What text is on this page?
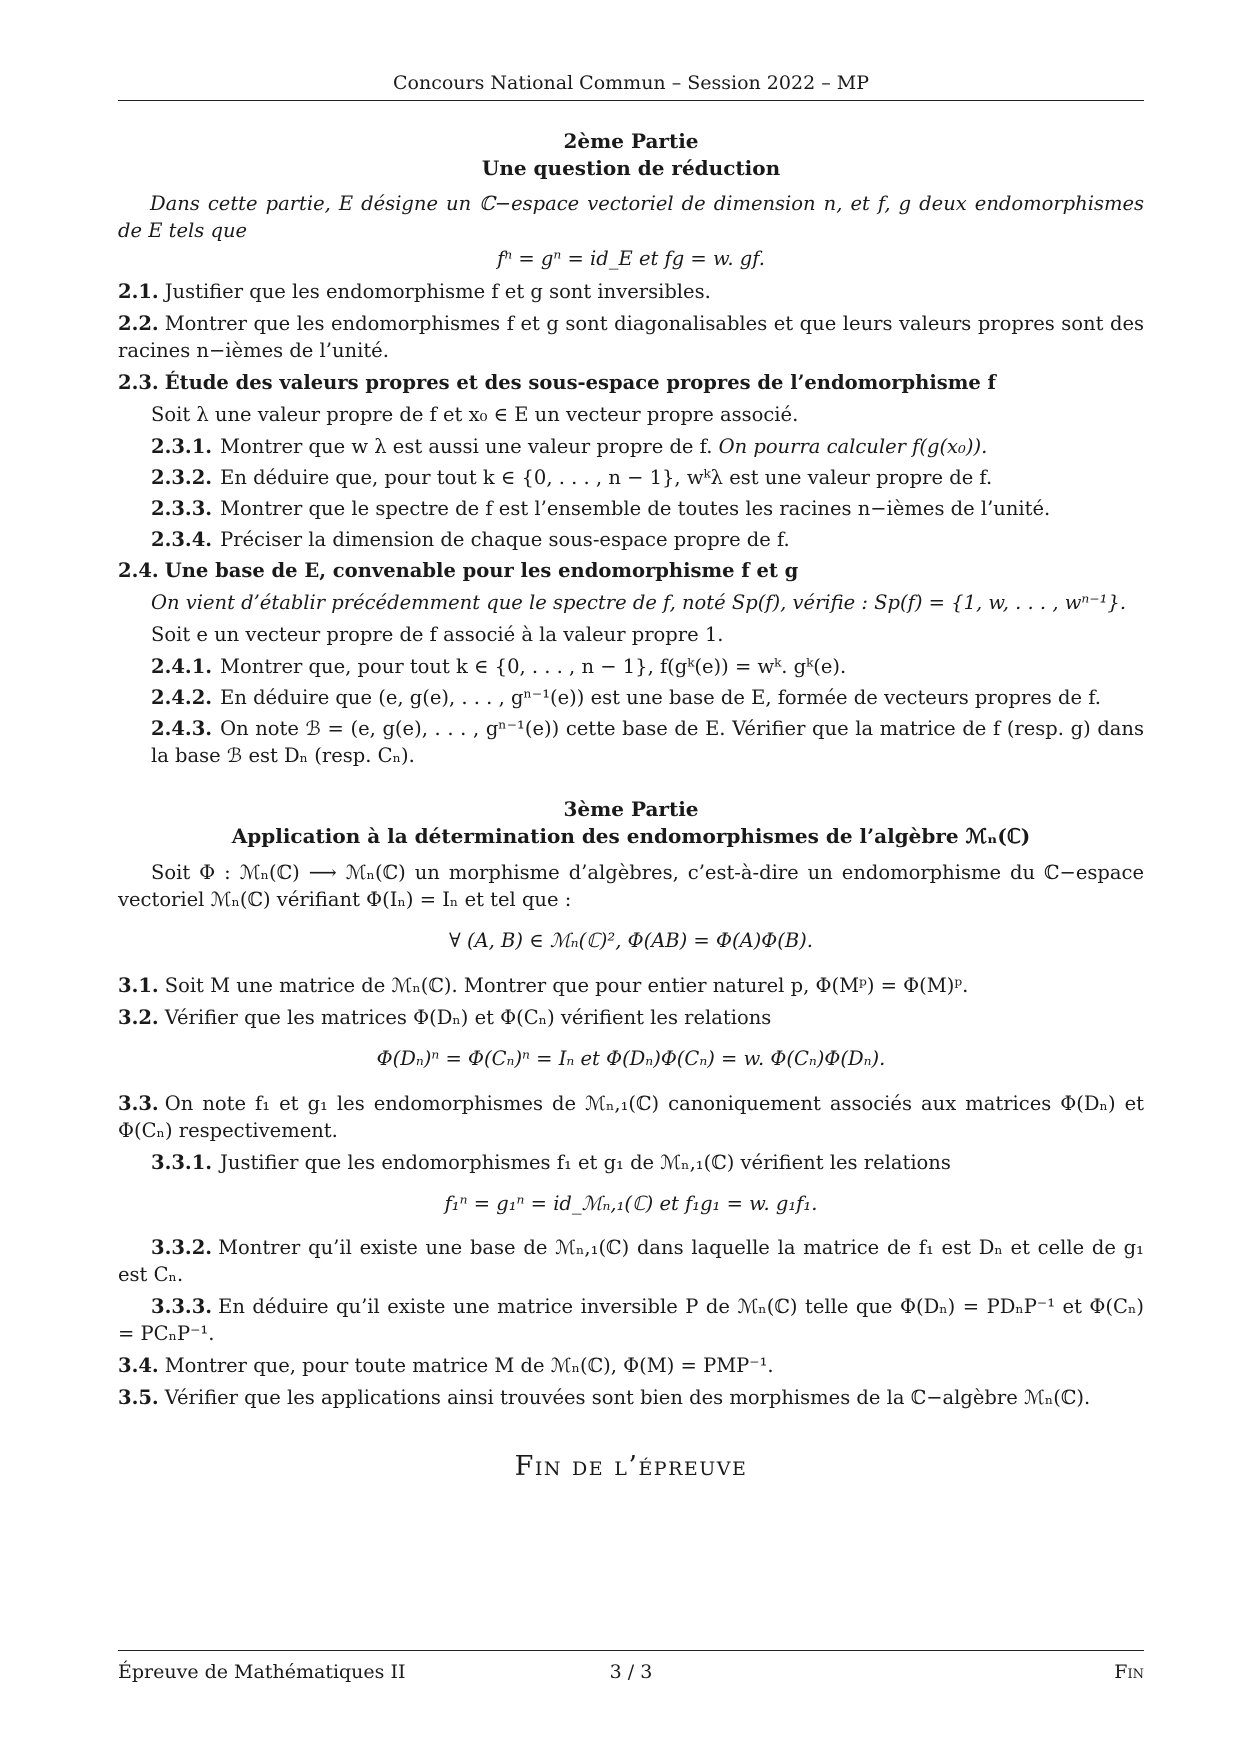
Concours National Commun – Session 2022 – MP
2ème Partie
Une question de réduction

Dans cette partie, E désigne un ℂ−espace vectoriel de dimension n, et f, g deux endomorphismes de E tels que

fⁿ = gⁿ = id_E et fg = w. gf.
2.1. Justifier que les endomorphisme f et g sont inversibles.
2.2. Montrer que les endomorphismes f et g sont diagonalisables et que leurs valeurs propres sont des racines n−ièmes de l’unité.
2.3. Étude des valeurs propres et des sous-espace propres de l’endomorphisme f
Soit λ une valeur propre de f et x₀ ∈ E un vecteur propre associé.
2.3.1. Montrer que w λ est aussi une valeur propre de f. On pourra calculer f(g(x₀)).
2.3.2. En déduire que, pour tout k ∈ {0, . . . , n − 1}, wᵏλ est une valeur propre de f.
2.3.3. Montrer que le spectre de f est l’ensemble de toutes les racines n−ièmes de l’unité.
2.3.4. Préciser la dimension de chaque sous-espace propre de f.
2.4. Une base de E, convenable pour les endomorphisme f et g
On vient d’établir précédemment que le spectre de f, noté Sp(f), vérifie : Sp(f) = {1, w, . . . , wⁿ⁻¹}.
Soit e un vecteur propre de f associé à la valeur propre 1.
2.4.1. Montrer que, pour tout k ∈ {0, . . . , n − 1}, f(gᵏ(e)) = wᵏ. gᵏ(e).
2.4.2. En déduire que (e, g(e), . . . , gⁿ⁻¹(e)) est une base de E, formée de vecteurs propres de f.
2.4.3. On note ℬ = (e, g(e), . . . , gⁿ⁻¹(e)) cette base de E. Vérifier que la matrice de f (resp. g) dans la base ℬ est Dₙ (resp. Cₙ).
3ème Partie
Application à la détermination des endomorphismes de l’algèbre ℳₙ(ℂ)

Soit Φ : ℳₙ(ℂ) ⟶ ℳₙ(ℂ) un morphisme d’algèbres, c’est-à-dire un endomorphisme du ℂ−espace vectoriel ℳₙ(ℂ) vérifiant Φ(Iₙ) = Iₙ et tel que :

∀ (A, B) ∈ ℳₙ(ℂ)², Φ(AB) = Φ(A)Φ(B).
3.1. Soit M une matrice de ℳₙ(ℂ). Montrer que pour entier naturel p, Φ(Mᵖ) = Φ(M)ᵖ.
3.2. Vérifier que les matrices Φ(Dₙ) et Φ(Cₙ) vérifient les relations
Φ(Dₙ)ⁿ = Φ(Cₙ)ⁿ = Iₙ et Φ(Dₙ)Φ(Cₙ) = w. Φ(Cₙ)Φ(Dₙ).
3.3. On note f₁ et g₁ les endomorphismes de ℳₙ,₁(ℂ) canoniquement associés aux matrices Φ(Dₙ) et Φ(Cₙ) respectivement.
3.3.1. Justifier que les endomorphismes f₁ et g₁ de ℳₙ,₁(ℂ) vérifient les relations
f₁ⁿ = g₁ⁿ = id_ℳₙ,₁(ℂ) et f₁g₁ = w. g₁f₁.
3.3.2. Montrer qu’il existe une base de ℳₙ,₁(ℂ) dans laquelle la matrice de f₁ est Dₙ et celle de g₁ est Cₙ.
3.3.3. En déduire qu’il existe une matrice inversible P de ℳₙ(ℂ) telle que Φ(Dₙ) = PDₙP⁻¹ et Φ(Cₙ) = PCₙP⁻¹.
3.4. Montrer que, pour toute matrice M de ℳₙ(ℂ), Φ(M) = PMP⁻¹.
3.5. Vérifier que les applications ainsi trouvées sont bien des morphismes de la ℂ−algèbre ℳₙ(ℂ).
Fin de l’épreuve
Épreuve de Mathématiques II	3 / 3	Fin
